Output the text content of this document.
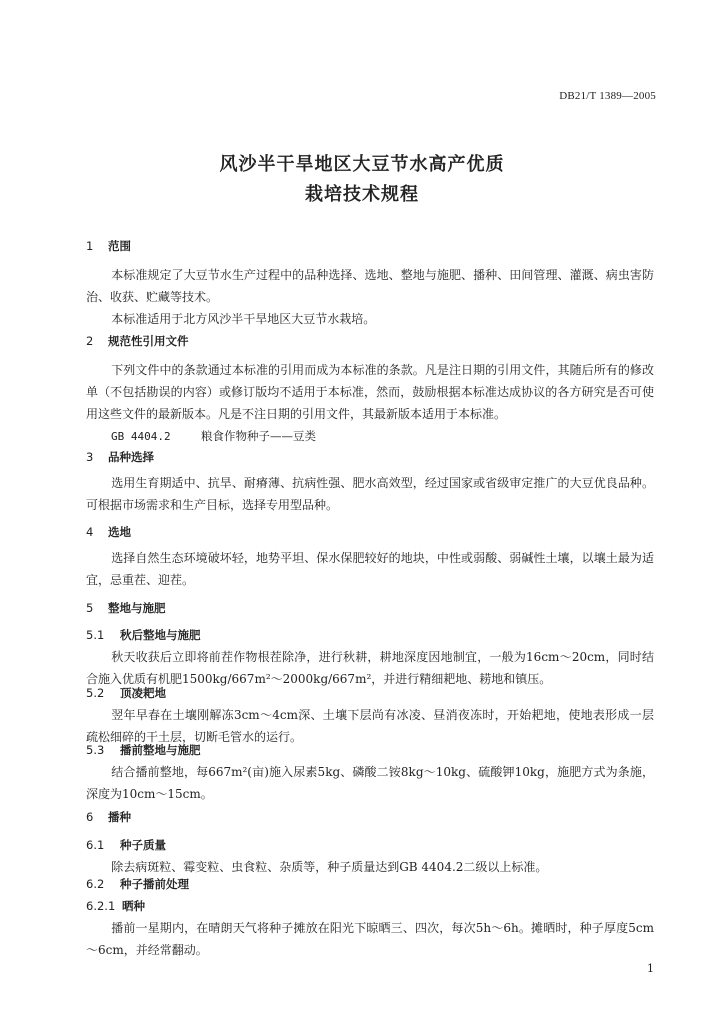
DB21/T 1389—2005
风沙半干旱地区大豆节水高产优质
栽培技术规程
1 范围
本标准规定了大豆节水生产过程中的品种选择、选地、整地与施肥、播种、田间管理、灌溉、病虫害防治、收获、贮藏等技术。
本标准适用于北方风沙半干旱地区大豆节水栽培。
2 规范性引用文件
下列文件中的条款通过本标准的引用而成为本标准的条款。凡是注日期的引用文件，其随后所有的修改单（不包括勘误的内容）或修订版均不适用于本标准，然而，鼓励根据本标准达成协议的各方研究是否可使用这些文件的最新版本。凡是不注日期的引用文件，其最新版本适用于本标准。
GB 4404.2	粮食作物种子——豆类
3 品种选择
选用生育期适中、抗旱、耐瘠薄、抗病性强、肥水高效型，经过国家或省级审定推广的大豆优良品种。可根据市场需求和生产目标，选择专用型品种。
4 选地
选择自然生态环境破坏轻，地势平坦、保水保肥较好的地块，中性或弱酸、弱碱性土壤，以壤土最为适宜，忌重茬、迎茬。
5 整地与施肥
5.1 秋后整地与施肥
秋天收获后立即将前茬作物根茬除净，进行秋耕，耕地深度因地制宜，一般为16cm～20cm，同时结合施入优质有机肥1500kg/667m²～2000kg/667m²，并进行精细耙地、耢地和镇压。
5.2 顶凌耙地
翌年早春在土壤刚解冻3cm～4cm深、土壤下层尚有冰凌、昼消夜冻时，开始耙地，使地表形成一层疏松细碎的干土层，切断毛管水的运行。
5.3 播前整地与施肥
结合播前整地，每667m²(亩)施入尿素5kg、磷酸二铵8kg～10kg、硫酸钾10kg，施肥方式为条施，深度为10cm～15cm。
6 播种
6.1 种子质量
除去病斑粒、霉变粒、虫食粒、杂质等，种子质量达到GB 4404.2二级以上标准。
6.2 种子播前处理
6.2.1 晒种
播前一星期内，在晴朗天气将种子摊放在阳光下晾晒三、四次，每次5h～6h。摊晒时，种子厚度5cm～6cm，并经常翻动。
1
